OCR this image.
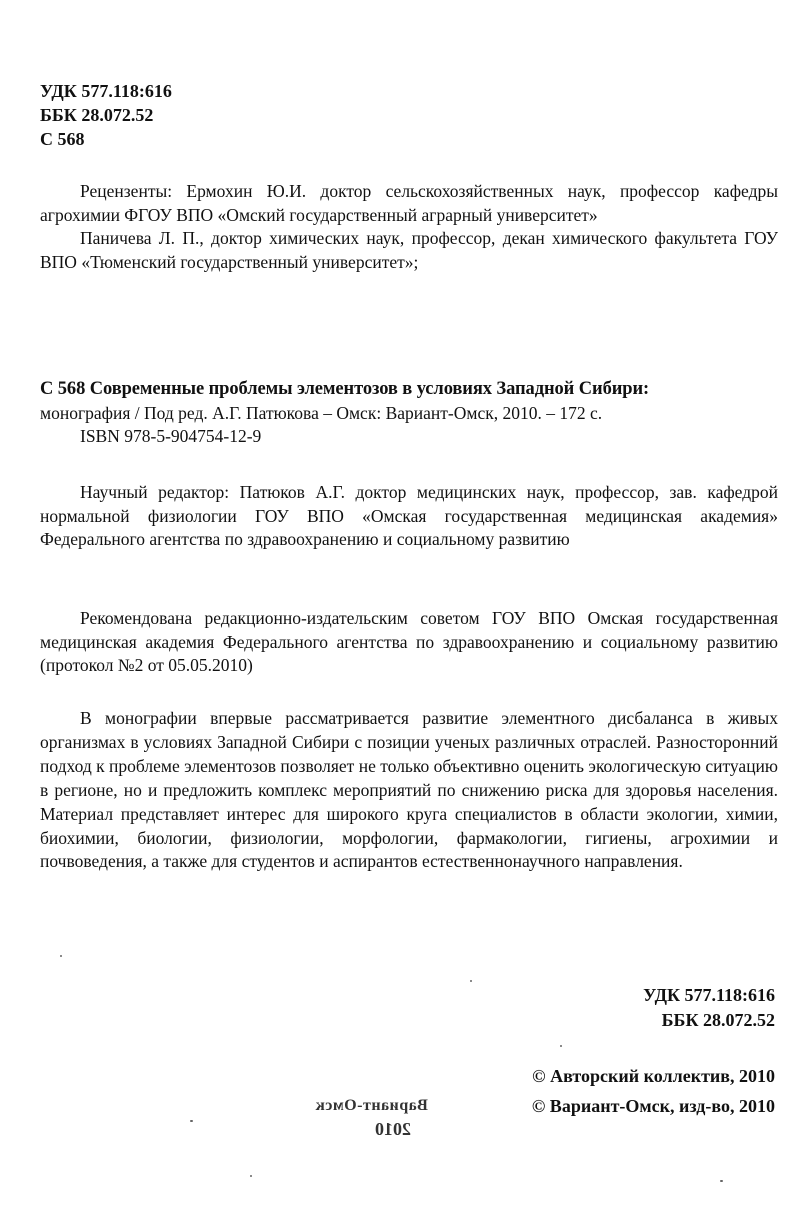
УДК 577.118:616
ББК 28.072.52
С 568

Рецензенты: Ермохин Ю.И. доктор сельскохозяйственных наук, профессор кафедры агрохимии ФГОУ ВПО «Омский государственный аграрный университет»

Паничева Л. П., доктор химических наук, профессор, декан химического факультета ГОУ ВПО «Тюменский государственный университет»;

С 568 Современные проблемы элементозов в условиях Западной Сибири:

монография / Под ред. А.Г. Патюкова – Омск: Вариант-Омск, 2010. – 172 с.

ISBN 978-5-904754-12-9

Научный редактор: Патюков А.Г. доктор медицинских наук, профессор, зав. кафедрой нормальной физиологии ГОУ ВПО «Омская государственная медицинская академия» Федерального агентства по здравоохранению и социальному развитию

Рекомендована редакционно-издательским советом ГОУ ВПО Омская государственная медицинская академия Федерального агентства по здравоохранению и социальному развитию (протокол №2 от 05.05.2010)

В монографии впервые рассматривается развитие элементного дисбаланса в живых организмах в условиях Западной Сибири с позиции ученых различных отраслей. Разносторонний подход к проблеме элементозов позволяет не только объективно оценить экологическую ситуацию в регионе, но и предложить комплекс мероприятий по снижению риска для здоровья населения. Материал представляет интерес для широкого круга специалистов в области экологии, химии, биохимии, биологии, физиологии, морфологии, фармакологии, гигиены, агрохимии и почвоведения, а также для студентов и аспирантов естественнонаучного направления.

УДК 577.118:616
ББК 28.072.52
© Авторский коллектив, 2010
© Вариант-Омск, изд-во, 2010
Вариант-Омск
2010
